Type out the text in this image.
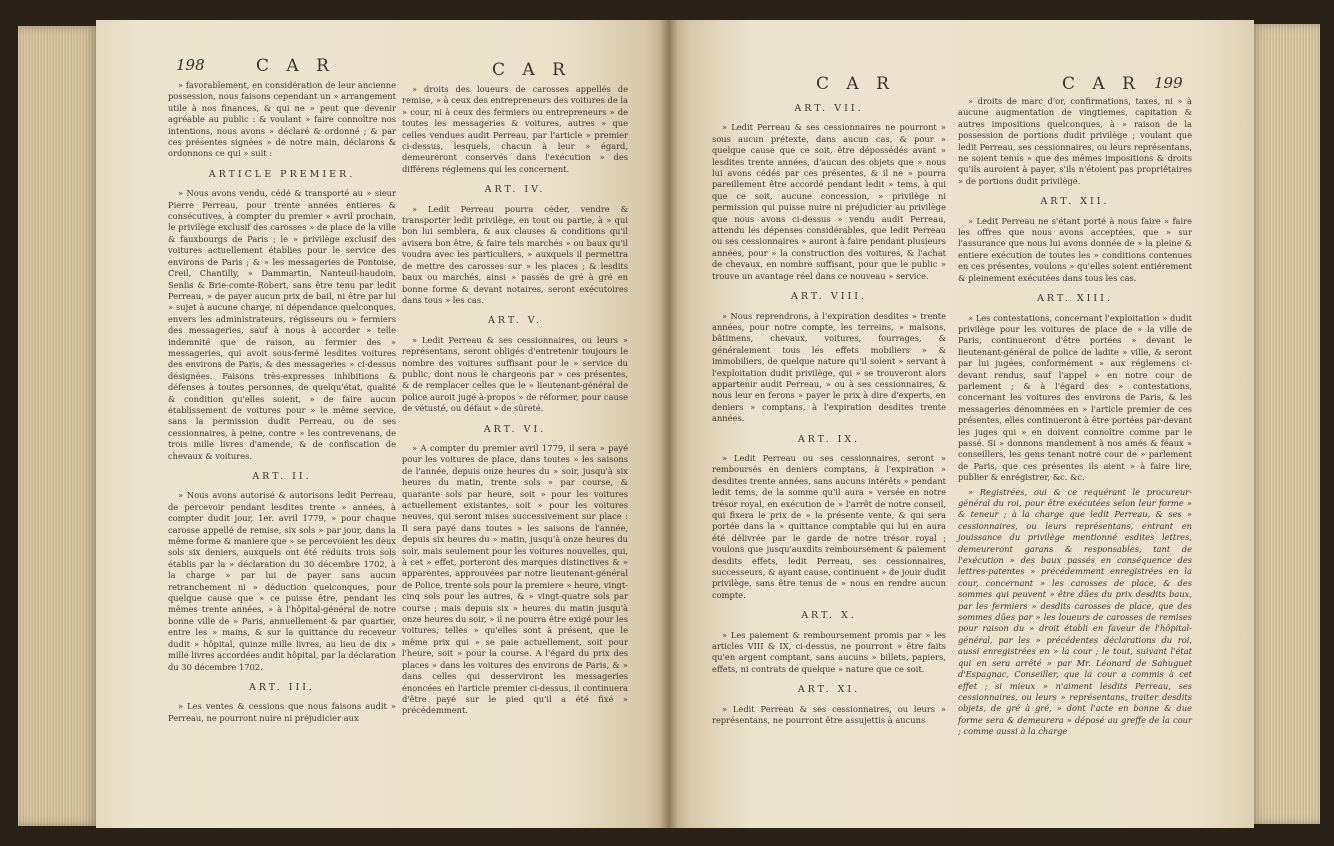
198	C A R	C A R

» favorablement, en considération de leur ancienne possession, nous faisons cependant un » arrangement utile à nos finances, & qui ne » peut que devenir agréable au public : & voulant » faire connoître nos intentions, nous avons » déclaré & ordonné ; & par ces présentes signées » de notre main, déclarons & ordonnons ce qui » suit :

ARTICLE PREMIER.

» Nous avons vendu, cédé & transporté au » sieur Pierre Perreau, pour trente années entieres & consécutives, à compter du premier » avril prochain, le privilège exclusif des carosses » de place de la ville & fauxbourgs de Paris ; le » privilège exclusif des voitures actuellement établies pour le service des environs de Paris ; & » les messageries de Pontoise, Creil, Chantilly, » Dammartin, Nanteuil-haudoin, Senlis & Brie-comte-Robert, sans être tenu par ledit Perreau, » de payer aucun prix de bail, ni être par lui » sujet à aucune charge, ni dépendance quelconques, envers les administrateurs, régisseurs ou » fermiers des messageries, sauf à nous à accorder » telle indemnité que de raison, au fermier des » messageries, qui avoit sous-fermé lesdites voitures des environs de Paris, & des messageries » ci-dessus désignées. Faisons très-expresses inhibitions & défenses à toutes personnes, de quelqu'état, qualité & condition qu'elles soient, » de faire aucun établissement de voitures pour » le même service, sans la permission dudit Perreau, ou de ses cessionnaires, à peine, contre » les contrevenans, de trois mille livres d'amende, & de confiscation de chevaux & voitures.

ART. II.

» Nous avons autorisé & autorisons ledit Perreau, de percevoir pendant lesdites trente » années, à compter dudit jour, 1er. avril 1779, » pour chaque carosse appellé de remise, six sols » par jour, dans la même forme & maniere que » se percevoient les deux sols six deniers, auxquels ont été réduits trois sols établis par la » déclaration du 30 décembre 1702, à la charge » par lui de payer sans aucun retranchement ni » déduction quelconques, pour quelque cause que » ce puisse être, pendant les mêmes trente années, » à l'hôpital-général de notre bonne ville de » Paris, annuellement & par quartier, entre les » mains, & sur la quittance du receveur dudit » hôpital, quinze mille livres, au lieu de dix » mille livres accordées audit hôpital, par la déclaration du 30 décembre 1702.

ART. III.

» Les ventes & cessions que nous faisons audit » Perreau, ne pourront nuire ni préjudicier aux

» droits des loueurs de carosses appellés de remise, » à ceux des entrepreneurs des voitures de la » cour, ni à ceux des fermiers ou entrepreneurs » de toutes les messageries & voitures, autres » que celles vendues audit Perreau, par l'article » premier ci-dessus, lesquels, chacun à leur » égard, demeureront conservés dans l'exécution » des différens réglemens qui les concernent.

ART. IV.

» Ledit Perreau pourra céder, vendre & transporter ledit privilège, en tout ou partie, à » qui bon lui semblera, & aux clauses & conditions qu'il avisera bon être, & faire tels marchés » ou baux qu'il voudra avec les particuliers, » auxquels il permettra de mettre des carosses sur » les places ; & lesdits baux ou marchés, ainsi » passés de gré à gré en bonne forme & devant notaires, seront exécutoires dans tous » les cas.

ART. V.

» Ledit Perreau & ses cessionnaires, ou leurs » représentans, seront obligés d'entretenir toujours le nombre des voitures suffisant pour le » service du public, dont nous le chargeons par » ces présentes, & de remplacer celles que le » lieutenant-général de police auroit jugé à-propos » de réformer, pour cause de vétusté, ou défaut » de sûreté.

ART. VI.

» A compter du premier avril 1779, il sera » payé pour les voitures de place, dans toutes » les saisons de l'année, depuis onze heures du » soir, jusqu'à six heures du matin, trente sols » par course, & quarante sols par heure, soit » pour les voitures actuellement existantes, soit » pour les voitures neuves, qui seront mises successivement sur place : Il sera payé dans toutes » les saisons de l'année, depuis six heures du » matin, jusqu'à onze heures du soir, mais seulement pour les voitures nouvelles, qui, à cet » effet, porteront des marques distinctives & » apparentes, approuvées par notre lieutenant-général de Police, trente sols pour la premiere » heure, vingt-cinq sols pour les autres, & » vingt-quatre sols par course ; mais depuis six » heures du matin jusqu'à onze heures du soir, » il ne pourra être exigé pour les voitures, telles » qu'elles sont à présent, que le même prix qui » se paie actuellement, soit pour l'heure, soit » pour la course. A l'égard du prix des places » dans les voitures des environs de Paris, & » dans celles qui desserviront les messageries énoncées en l'article premier ci-dessus, il continuera d'être payé sur le pied qu'il a été fixé » précédemment.

C A R	C A R 199
ART. VII.

» Ledit Perreau & ses cessionnaires ne pourront » sous aucun prétexte, dans aucun cas, & pour » quelque cause que ce soit, être dépossédés avant » lesdites trente années, d'aucun des objets que » nous lui avons cédés par ces présentes, & il ne » pourra pareillement être accordé pendant ledit » tems, à qui que ce soit, aucune concession, » privilège ni permission qui puisse nuire ni préjudicier au privilège que nous avons ci-dessus » vendu audit Perreau, attendu les dépenses considérables, que ledit Perreau ou ses cessionnaires » auront à faire pendant plusieurs années, pour » la construction des voitures, & l'achat de chevaux, en nombre suffisant, pour que le public » trouve un avantage réel dans ce nouveau » service.

ART. VIII.

» Nous reprendrons, à l'expiration desdites » trente années, pour notre compte, les terreins, » maisons, bâtimens, chevaux, voitures, fourrages, & généralement tous les effets mobiliers » & immobiliers, de quelque nature qu'il soient » servant à l'exploitation dudit privilège, qui » se trouveront alors appartenir audit Perreau, » ou à ses cessionnaires, & nous leur en ferons » payer le prix à dire d'experts, en deniers » comptans, à l'expiration desdites trente années.

ART. IX.

» Ledit Perreau ou ses cessionnaires, seront » remboursés en deniers comptans, à l'expiration » desdites trente années, sans aucuns intérêts » pendant ledit tems, de la somme qu'il aura » versée en notre trésor royal, en exécution de » l'arrêt de notre conseil, qui fixera le prix de » la présente vente, & qui sera portée dans la » quittance comptable qui lui en aura été délivrée par le garde de notre trésor royal ; voulons que jusqu'auxdits remboursement & paiement desdits effets, ledit Perreau, ses cessionnaires, successeurs, & ayant cause, continuent » de jouir dudit privilège, sans être tenus de » nous en rendre aucun compte.

ART. X.

» Les paiement & remboursement promis par » les articles VIII & IX, ci-dessus, ne pourront » être faits qu'en argent comptant, sans aucuns » billets, papiers, effets, ni contrats de quelque » nature que ce soit.

ART. XI.

» Ledit Perreau & ses cessionnaires, ou leurs » représentans, ne pourront être assujettis à aucuns

» droits de marc d'or, confirmations, taxes, ni » à aucune augmentation de vingtiemes, capitation & autres impositions quelconques, à » raison de la possession de portions dudit privilège ; voulant que ledit Perreau, ses cessionnaires, ou leurs représentans, ne soient tenus » que des mêmes impositions & droits qu'ils auroient à payer, s'ils n'étoient pas propriétaires » de portions dudit privilège.

ART. XII.

» Ledit Perreau ne s'étant porté à nous faire » faire les offres que nous avons acceptées, que » sur l'assurance que nous lui avons donnée de » la pleine & entiere exécution de toutes les » conditions contenues en ces présentes, voulons » qu'elles soient entiérement & pleinement exécutées dans tous les cas.

ART. XIII.

» Les contestations, concernant l'exploitation » dudit privilège pour les voitures de place de » la ville de Paris, continueront d'être portées » devant le lieutenant-général de police de ladite » ville, & seront par lui jugées, conformément » aux réglemens ci-devant rendus, sauf l'appel » en notre cour de parlement ; & à l'égard des » contestations, concernant les voitures des environs de Paris, & les messageries dénommées en » l'article premier de ces présentes, elles continueront à être portées par-devant les juges qui » en doivent connoître comme par le passé. Si » donnons mandement à nos amés & féaux » conseillers, les gens tenant notre cour de » parlement de Paris, que ces présentes ils aient » à faire lire, publier & enrégistrer, &c. &c.

» Registrées, oui & ce requérant le procureur-général du roi, pour être exécutées selon leur forme » & teneur ; à la charge que ledit Perreau, & ses » cessionnaires, ou leurs représentans, entrant en jouissance du privilège mentionné esdites lettres, demeureront garans & responsables, tant de l'exécution » des baux passés en conséquence des lettres-patentes » précédemment enregistrées en la cour, concernant » les carosses de place, & des sommes qui peuvent » être dûes du prix desdits baux, par les fermiers » desdits carosses de place, que des sommes dûes par » les loueurs de carosses de remises pour raison du » droit établi en faveur de l'hôpital-général, par les » précédentes déclarations du roi, aussi enregistrées en » la cour ; le tout, suivant l'état qui en sera arrêté » par Mr. Léonard de Sahuguet d'Espagnac, Conseiller, que la cour a commis à cet effet ; si mieux » n'aiment lesdits Perreau, ses cessionnaires, ou leurs » représentans, traiter desdits objets, de gré à gré, » dont l'acte en bonne & due forme sera & demeurera » déposé au greffe de la cour ; comme aussi à la charge
